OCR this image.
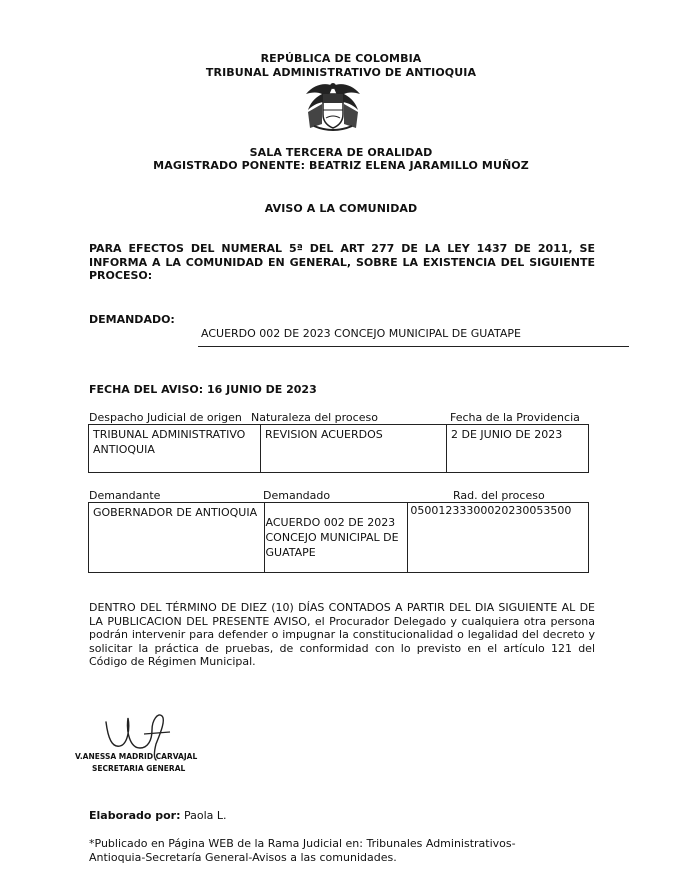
REPÚBLICA DE COLOMBIA
TRIBUNAL ADMINISTRATIVO DE ANTIOQUIA
SALA TERCERA DE ORALIDAD
MAGISTRADO PONENTE: BEATRIZ ELENA JARAMILLO MUÑOZ
AVISO A LA COMUNIDAD
PARA EFECTOS DEL NUMERAL 5ª DEL ART 277 DE LA LEY 1437 DE 2011, SE INFORMA A LA COMUNIDAD EN GENERAL, SOBRE LA EXISTENCIA DEL SIGUIENTE PROCESO:
DEMANDADO:
ACUERDO 002 DE 2023 CONCEJO MUNICIPAL DE GUATAPE
FECHA DEL AVISO: 16 JUNIO DE 2023
Despacho Judicial de origen Naturaleza del proceso	Fecha de la Providencia
TRIBUNAL ADMINISTRATIVO ANTIOQUIA	REVISION ACUERDOS	2 DE JUNIO DE 2023
Demandante	Demandado	Rad. del proceso
GOBERNADOR DE ANTIOQUIA	ACUERDO 002 DE 2023 CONCEJO MUNICIPAL DE GUATAPE	05001233300020230053500
DENTRO DEL TÉRMINO DE DIEZ (10) DÍAS CONTADOS A PARTIR DEL DIA SIGUIENTE AL DE LA PUBLICACION DEL PRESENTE AVISO, el Procurador Delegado y cualquiera otra persona podrán intervenir para defender o impugnar la constitucionalidad o legalidad del decreto y solicitar la práctica de pruebas, de conformidad con lo previsto en el artículo 121 del Código de Régimen Municipal.
V.ANESSA MADRID CARVAJAL
SECRETARIA GENERAL
Elaborado por: Paola L.
*Publicado en Página WEB de la Rama Judicial en: Tribunales Administrativos-Antioquia-Secretaría General-Avisos a las comunidades.
